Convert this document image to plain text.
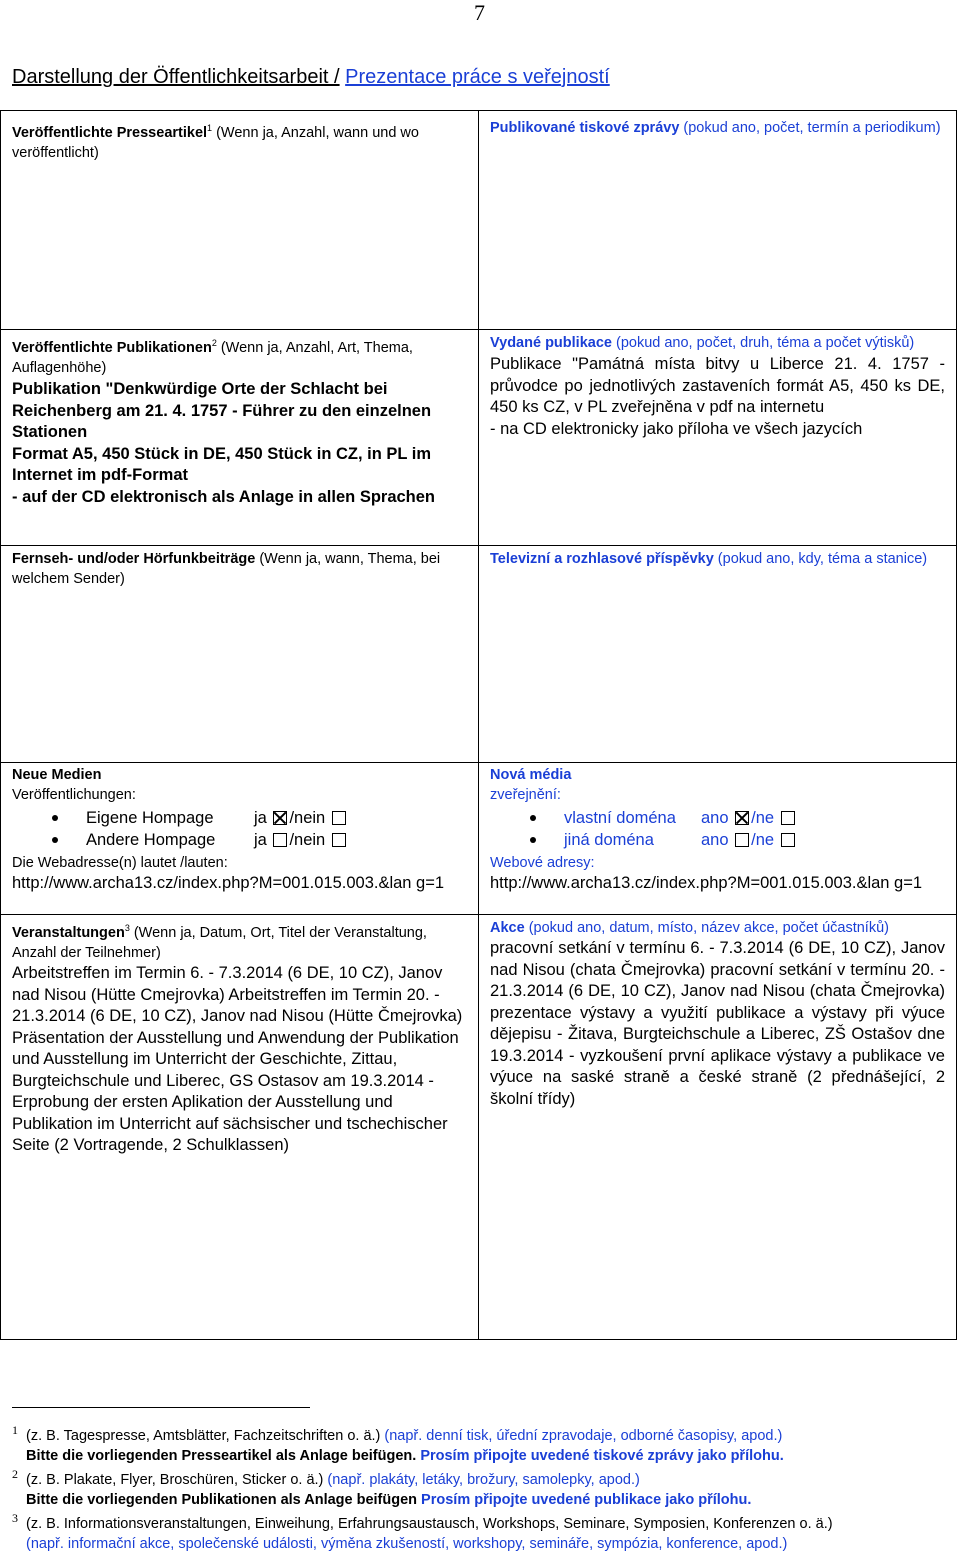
7
Darstellung der Öffentlichkeitsarbeit / Prezentace práce s veřejností
Veröffentlichte Presseartikel$^1$ (Wenn ja, Anzahl, wann und wo veröffentlicht)
Publikované tiskové zprávy (pokud ano, počet, termín a periodikum)
Veröffentlichte Publikationen$^2$ (Wenn ja, Anzahl, Art, Thema, Auflagenhöhe)
Publikation "Denkwürdige Orte der Schlacht bei Reichenberg am 21. 4. 1757 - Führer zu den einzelnen Stationen
Format A5, 450 Stück in DE, 450 Stück in CZ, in PL im Internet im pdf-Format
- auf der CD elektronisch als Anlage in allen Sprachen
Vydané publikace (pokud ano, počet, druh, téma a počet výtisků)
Publikace "Památná místa bitvy u Liberce 21. 4. 1757 - průvodce po jednotlivých zastaveních formát A5, 450 ks DE, 450 ks CZ, v PL zveřejněna v pdf na internetu
- na CD elektronicky jako příloha ve všech jazycích
Fernseh- und/oder Hörfunkbeiträge (Wenn ja, wann, Thema, bei welchem Sender)
Televizní a rozhlasové příspěvky (pokud ano, kdy, téma a stanice)
Neue Medien
Veröffentlichungen:
Eigene Hompage ja /nein
Andere Hompage ja /nein
Die Webadresse(n) lautet /lauten:
http://www.archa13.cz/index.php?M=001.015.003.&lan g=1
Nová média
zveřejnění:
vlastní doména ano /ne
jiná doména	ano /ne
Webové adresy:
http://www.archa13.cz/index.php?M=001.015.003.&lan g=1
Veranstaltungen$^3$ (Wenn ja, Datum, Ort, Titel der Veranstaltung, Anzahl der Teilnehmer)
Arbeitstreffen im Termin 6. - 7.3.2014 (6 DE, 10 CZ), Janov nad Nisou (Hütte Cmejrovka) Arbeitstreffen im Termin 20. - 21.3.2014 (6 DE, 10 CZ), Janov nad Nisou (Hütte Čmejrovka) Präsentation der Ausstellung und Anwendung der Publikation und Ausstellung im Unterricht der Geschichte, Zittau, Burgteichschule und Liberec, GS Ostasov am 19.3.2014 - Erprobung der ersten Aplikation der Ausstellung und Publikation im Unterricht auf sächsischer und tschechischer Seite (2 Vortragende, 2 Schulklassen)
Akce (pokud ano, datum, místo, název akce, počet účastníků)
pracovní setkání v termínu 6. - 7.3.2014 (6 DE, 10 CZ), Janov nad Nisou (chata Čmejrovka) pracovní setkání v termínu 20. - 21.3.2014 (6 DE, 10 CZ), Janov nad Nisou (chata Čmejrovka) prezentace výstavy a využití publikace a výstavy při výuce dějepisu - Žitava, Burgteichschule a Liberec, ZŠ Ostašov dne 19.3.2014 - vyzkoušení první aplikace výstavy a publikace ve výuce na saské straně a české straně (2 přednášející, 2 školní třídy)
$^1$ (z. B. Tagespresse, Amtsblätter, Fachzeitschriften o. ä.) (např. denní tisk, úřední zpravodaje, odborné časopisy, apod.)
Bitte die vorliegenden Presseartikel als Anlage beifügen. Prosím připojte uvedené tiskové zprávy jako přílohu.
$^2$ (z. B. Plakate, Flyer, Broschüren, Sticker o. ä.) (např. plakáty, letáky, brožury, samolepky, apod.)
Bitte die vorliegenden Publikationen als Anlage beifügen Prosím připojte uvedené publikace jako přílohu.
$^3$ (z. B. Informationsveranstaltungen, Einweihung, Erfahrungsaustausch, Workshops, Seminare, Symposien, Konferenzen o. ä.)
(např. informační akce, společenské události, výměna zkušeností, workshopy, semináře, sympózia, konference, apod.)
